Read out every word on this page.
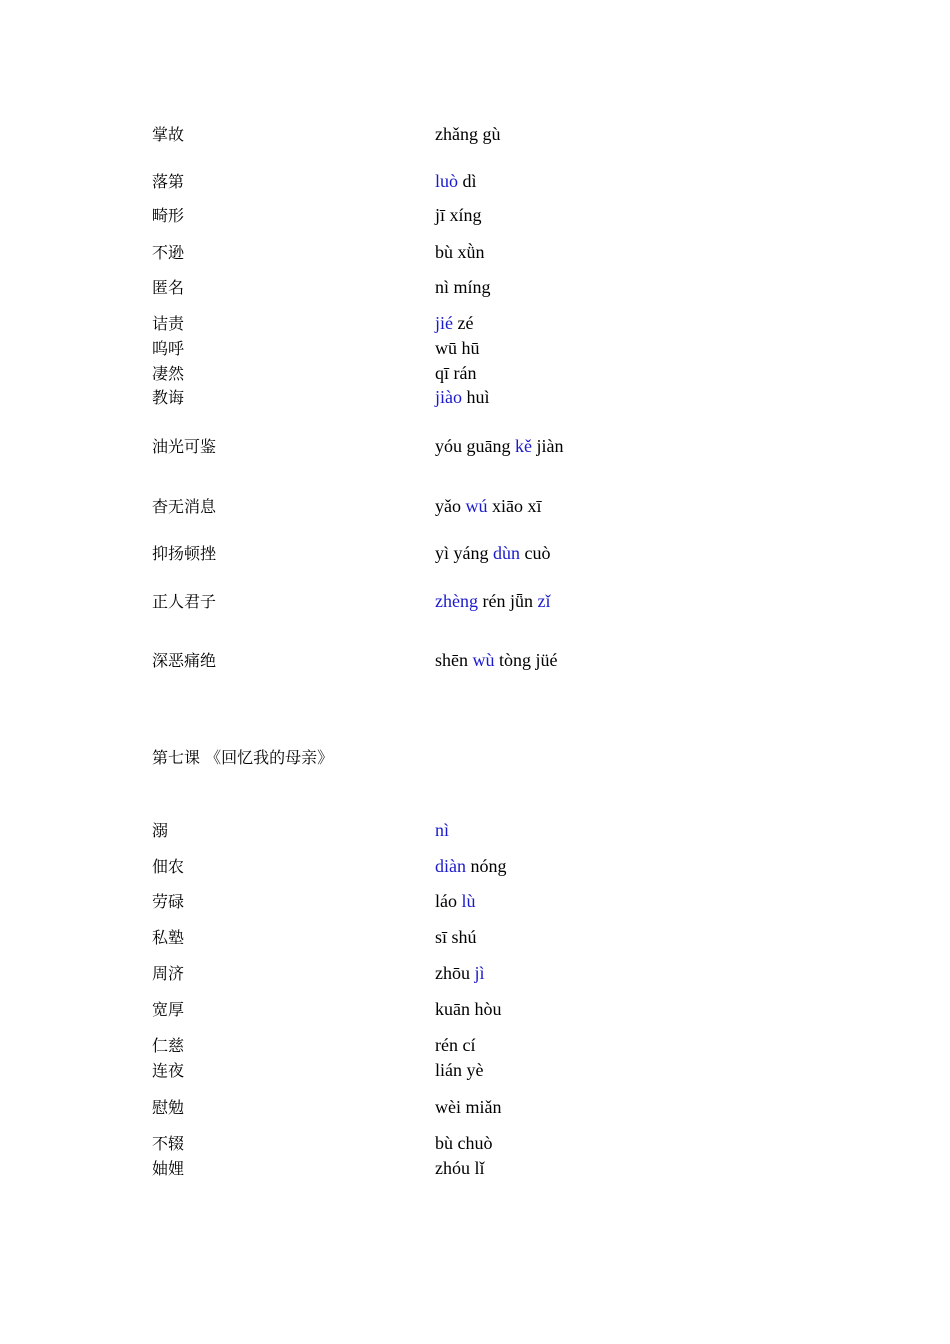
掌故	zhǎng gù
落第	luò dì
畸形	jī xíng
不逊	bù xǜn
匿名	nì míng
诘责	jié zé
呜呼	wū hū
凄然	qī rán
教诲	jiào huì
油光可鉴	yóu guāng kě jiàn
杳无消息	yǎo wú xiāo xī
抑扬顿挫	yì yáng dùn cuò
正人君子	zhèng rén jǖn zǐ
深恶痛绝	shēn wù tòng jüé
第七课 《回忆我的母亲》
溺	nì
佃农	diàn nóng
劳碌	láo lù
私塾	sī shú
周济	zhōu jì
宽厚	kuān hòu
仁慈	rén cí
连夜	lián yè
慰勉	wèi miǎn
不辍	bù chuò
妯娌	zhóu lǐ
